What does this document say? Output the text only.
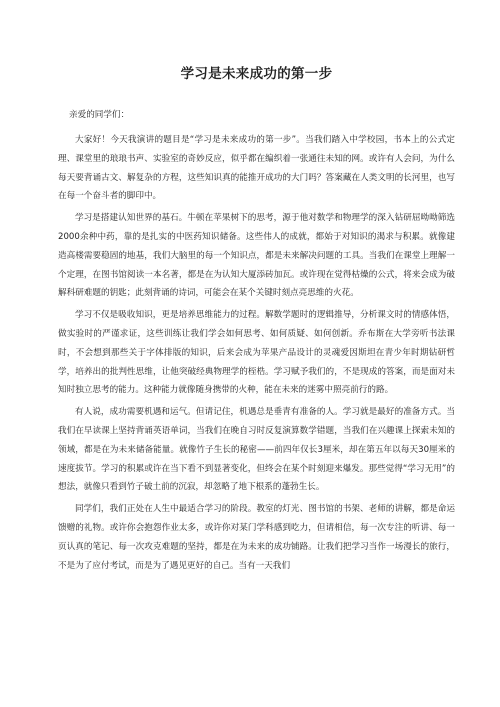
学习是未来成功的第一步
亲爱的同学们：

大家好！今天我演讲的题目是“学习是未来成功的第一步”。当我们踏入中学校园，书本上的公式定理、课堂里的琅琅书声、实验室的奇妙反应，似乎都在编织着一张通往未知的网。或许有人会问，为什么每天要背诵古文、解复杂的方程，这些知识真的能推开成功的大门吗？答案藏在人类文明的长河里，也写在每一个奋斗者的脚印中。

学习是搭建认知世界的基石。牛顿在苹果树下的思考，源于他对数学和物理学的深入钻研屈呦呦筛选2000余种中药，靠的是扎实的中医药知识储备。这些伟人的成就，都始于对知识的渴求与积累。就像建造高楼需要稳固的地基，我们大脑里的每一个知识点，都是未来解决问题的工具。当我们在课堂上理解一个定理，在图书馆阅读一本名著，都是在为认知大厦添砖加瓦。或许现在觉得枯燥的公式，将来会成为破解科研难题的钥匙；此刻背诵的诗词，可能会在某个关键时刻点亮思维的火花。

学习不仅是吸收知识，更是培养思维能力的过程。解数学题时的逻辑推导，分析课文时的情感体悟，做实验时的严谨求证，这些训练让我们学会如何思考、如何质疑、如何创新。乔布斯在大学旁听书法课时，不会想到那些关于字体排版的知识，后来会成为苹果产品设计的灵魂爱因斯坦在青少年时期钻研哲学，培养出的批判性思维，让他突破经典物理学的桎梏。学习赋予我们的，不是现成的答案，而是面对未知时独立思考的能力。这种能力就像随身携带的火种，能在未来的迷雾中照亮前行的路。

有人说，成功需要机遇和运气。但请记住，机遇总是垂青有准备的人。学习就是最好的准备方式。当我们在早读课上坚持背诵英语单词，当我们在晚自习时反复演算数学错题，当我们在兴趣课上探索未知的领域，都是在为未来储备能量。就像竹子生长的秘密——前四年仅长3厘米，却在第五年以每天30厘米的速度拔节。学习的积累或许在当下看不到显著变化，但终会在某个时刻迎来爆发。那些觉得“学习无用”的想法，就像只看到竹子破土前的沉寂，却忽略了地下根系的蓬勃生长。

同学们，我们正处在人生中最适合学习的阶段。教室的灯光、图书馆的书架、老师的讲解，都是命运馈赠的礼物。或许你会抱怨作业太多，或许你对某门学科感到吃力，但请相信，每一次专注的听讲、每一页认真的笔记、每一次攻克难题的坚持，都是在为未来的成功铺路。让我们把学习当作一场漫长的旅行，不是为了应付考试，而是为了遇见更好的自己。当有一天我们
